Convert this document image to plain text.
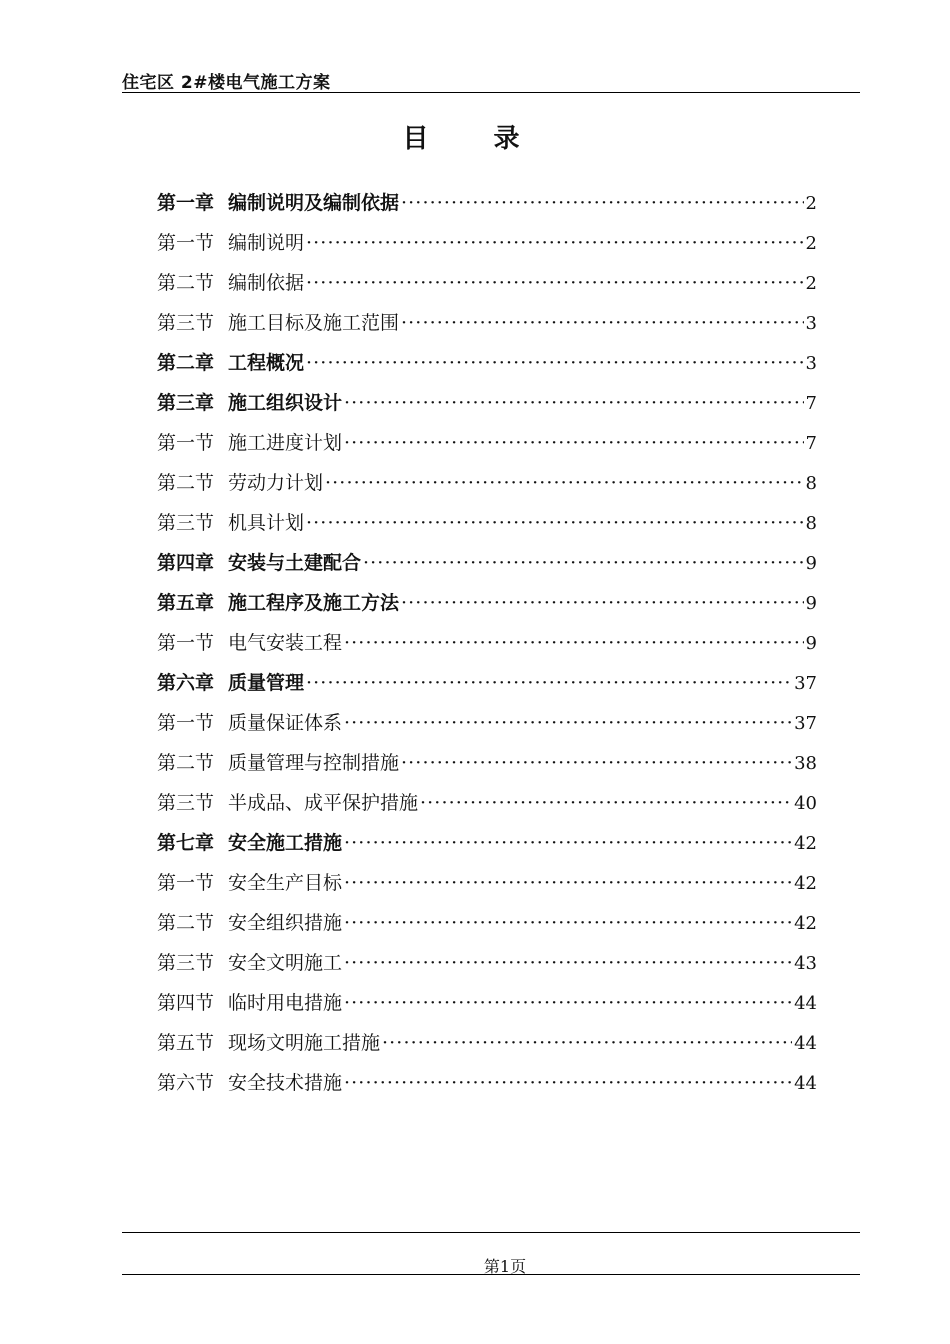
住宅区 2#楼电气施工方案
目 录
第一章 编制说明及编制依据 ·····	2
第一节 编制说明 ·····	2
第二节 编制依据 ·····	2
第三节 施工目标及施工范围 ·····	3
第二章 工程概况 ·····	3
第三章 施工组织设计 ·····	7
第一节 施工进度计划 ·····	7
第二节 劳动力计划 ·····	8
第三节 机具计划 ·····	8
第四章 安装与土建配合 ·····	9
第五章 施工程序及施工方法 ·····	9
第一节 电气安装工程 ·····	9
第六章 质量管理 ·····	37
第一节 质量保证体系 ·····	37
第二节 质量管理与控制措施 ·····	38
第三节 半成品、成平保护措施 ·····	40
第七章 安全施工措施 ·····	42
第一节 安全生产目标 ·····	42
第二节 安全组织措施 ·····	42
第三节 安全文明施工 ·····	43
第四节 临时用电措施 ·····	44
第五节 现场文明施工措施 ·····	44
第六节 安全技术措施 ·····	44
第1页
